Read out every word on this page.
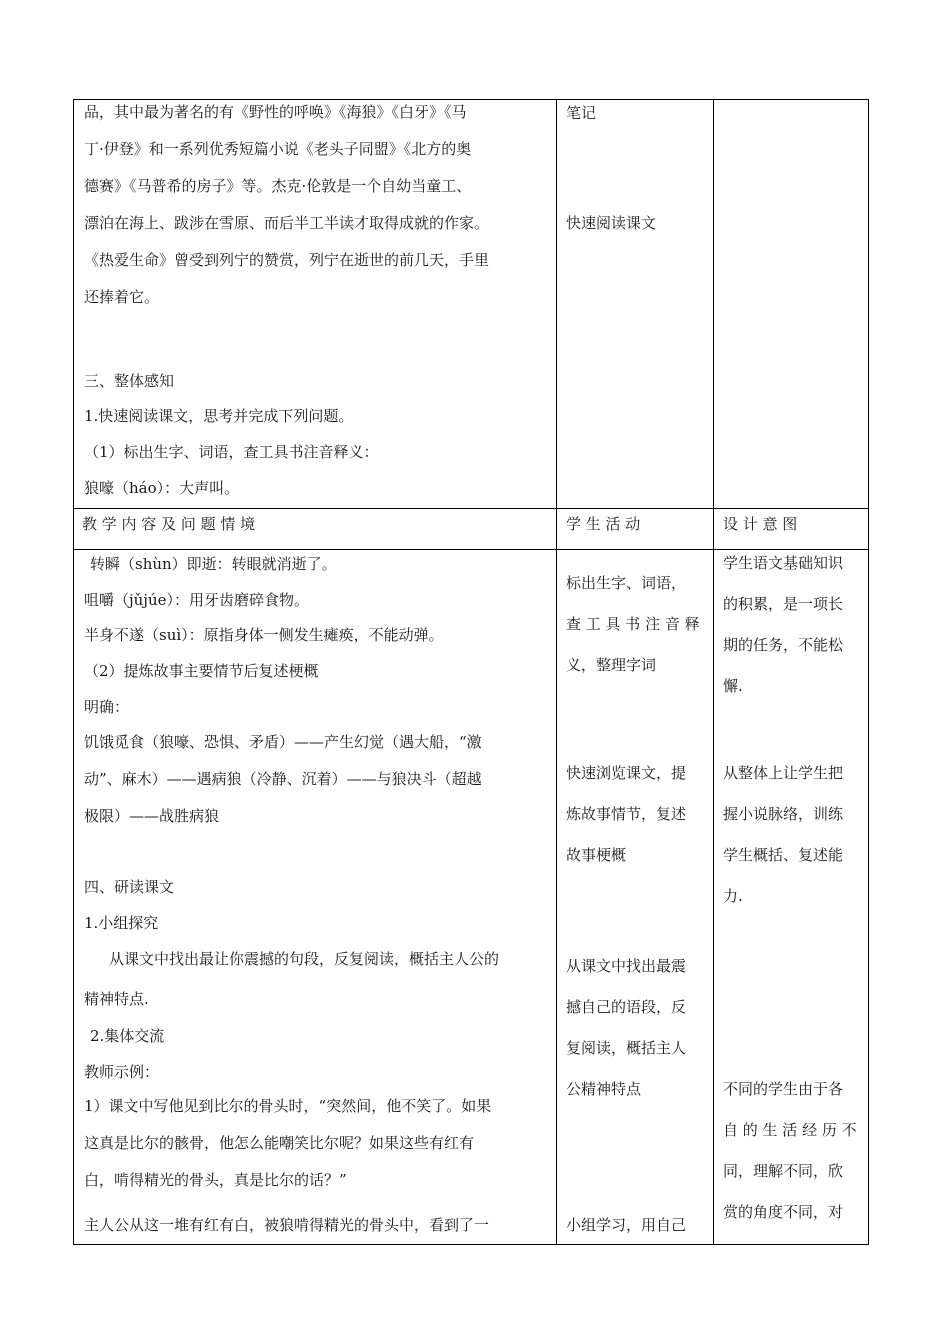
品，其中最为著名的有《野性的呼唤》《海狼》《白牙》《马
丁·伊登》和一系列优秀短篇小说《老头子同盟》《北方的奥
德赛》《马普希的房子》等。杰克·伦敦是一个自幼当童工、
漂泊在海上、跋涉在雪原、而后半工半读才取得成就的作家。
《热爱生命》曾受到列宁的赞赏，列宁在逝世的前几天，手里
还捧着它。
三、整体感知
1.快速阅读课文，思考并完成下列问题。
（1）标出生字、词语，查工具书注音释义：
狼嚎（háo）：大声叫。
笔记
快速阅读课文
教 学 内 容 及 问 题 情 境	学 生 活 动	设 计 意 图
转瞬（shùn）即逝：转眼就消逝了。
咀嚼（jǔjúe）：用牙齿磨碎食物。
半身不遂（suì）：原指身体一侧发生瘫痪，不能动弹。
（2）提炼故事主要情节后复述梗概
明确：
饥饿觅食（狼嚎、恐惧、矛盾）——产生幻觉（遇大船，“激
动”、麻木）——遇病狼（冷静、沉着）——与狼决斗（超越
极限）——战胜病狼
四、研读课文
1.小组探究
从课文中找出最让你震撼的句段，反复阅读，概括主人公的
精神特点.
2.集体交流
教师示例：
1）课文中写他见到比尔的骨头时，“突然间，他不笑了。如果
这真是比尔的骸骨，他怎么能嘲笑比尔呢？如果这些有红有
白，啃得精光的骨头，真是比尔的话？”
主人公从这一堆有红有白，被狼啃得精光的骨头中，看到了一
标出生字、词语，
查 工 具 书 注 音 释
义，整理字词
快速浏览课文，提
炼故事情节，复述
故事梗概
从课文中找出最震
撼自己的语段，反
复阅读，概括主人
公精神特点
小组学习，用自己
学生语文基础知识
的积累，是一项长
期的任务，不能松
懈.
从整体上让学生把
握小说脉络，训练
学生概括、复述能
力.
不同的学生由于各
自 的 生 活 经 历 不
同，理解不同，欣
赏的角度不同，对
